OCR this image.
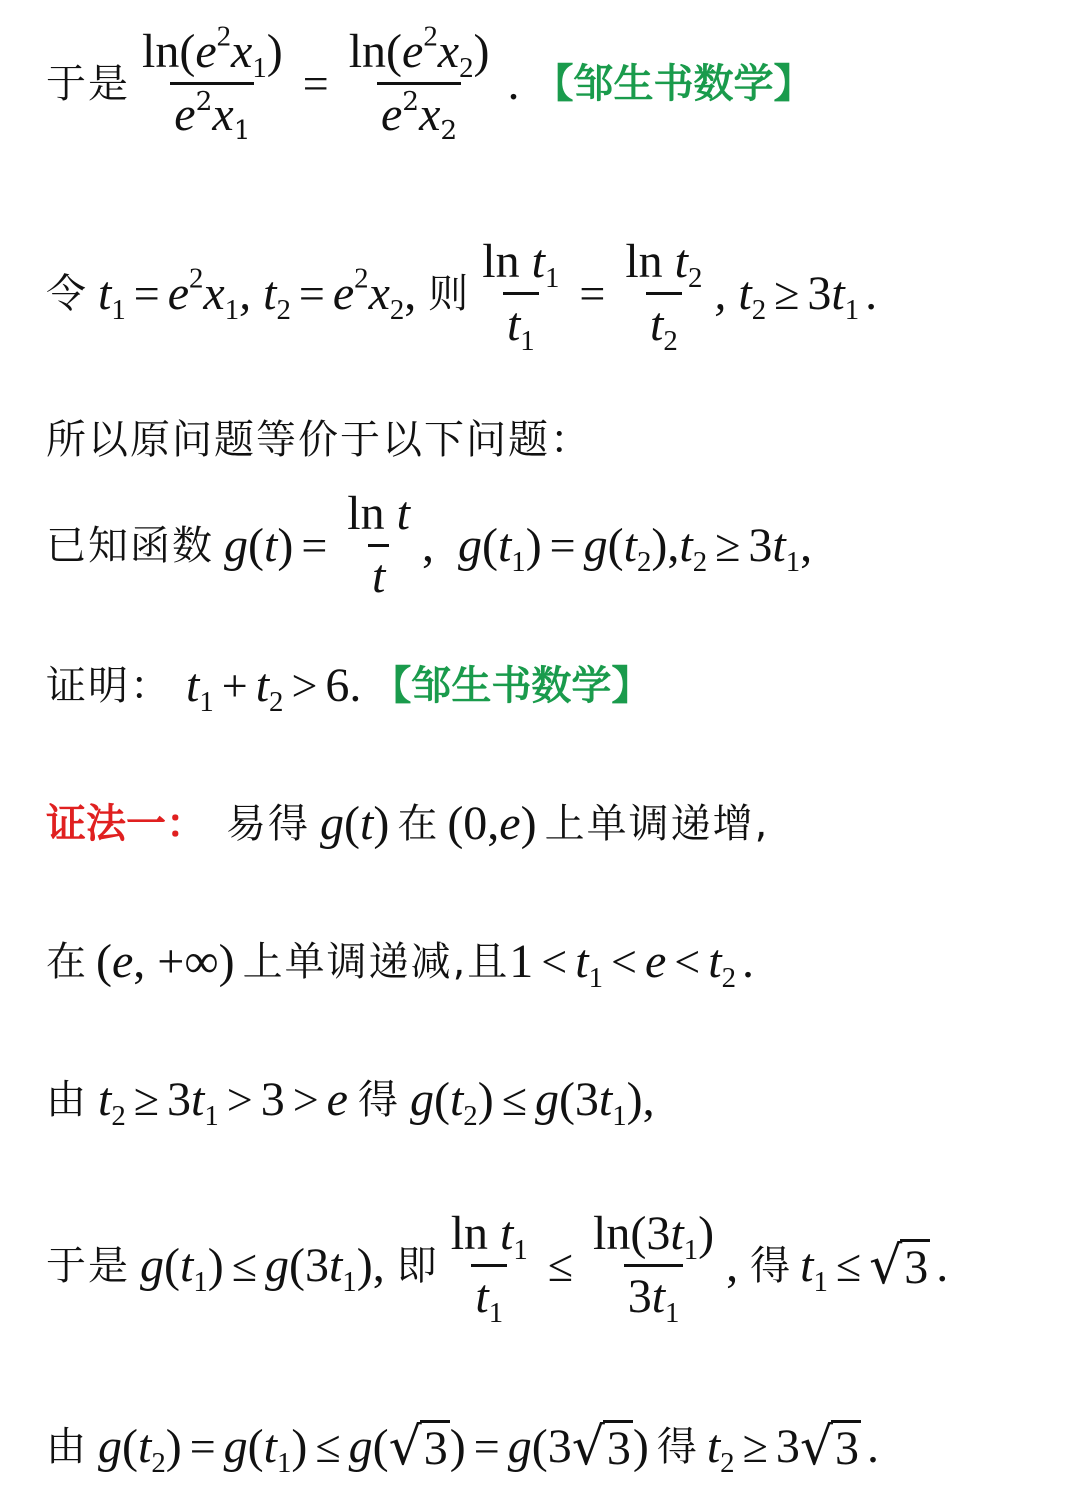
于是 $\frac{\ln(e^2x_1)}{e^2x_1} = \frac{\ln(e^2x_2)}{e^2x_2}$ . 【邹生书数学】
令 $t_1 = e^2x_1$, $t_2 = e^2x_2$ , 则 $\frac{\ln t_1}{t_1} = \frac{\ln t_2}{t_2}$ , $t_2 \ge 3$ $t_1$ .
所以原问题等价于以下问题：
已知函数 g ( t ) = $\frac{\text{ln t}}{t}$ , g ( $t_1$ ) = g ( $t_2$ ), $t_2 \ge 3$ $t_1$ ,
证明： $t_1 + t_2 > 6$. 【邹生书数学】
证法一： 易得 g ( t ) 在 (0, e ) 上单调递增,
在 ( e , +∞) 上单调递减,且 $1 < t_1 < e < t_2$ .
由 $t_2 \ge 3$ $t_1 > 3 > e$ 得 g ( $t_2$ ) ≤ g (3 $t_1$ ),
于是 g ( $t_1$ ) ≤ g (3 $t_1$ ), 即 $\frac{\ln t_1}{t_1} \le \frac{\ln(3t_1)}{3t_1}$ , 得 $t_1$ ≤ √ 3 .
由 g ( $t_2$ ) = g ( $t_1$ ) ≤ g ( √ 3 ) = g (3 √ 3 ) 得 $t_2 \ge 3$ √ 3 .
